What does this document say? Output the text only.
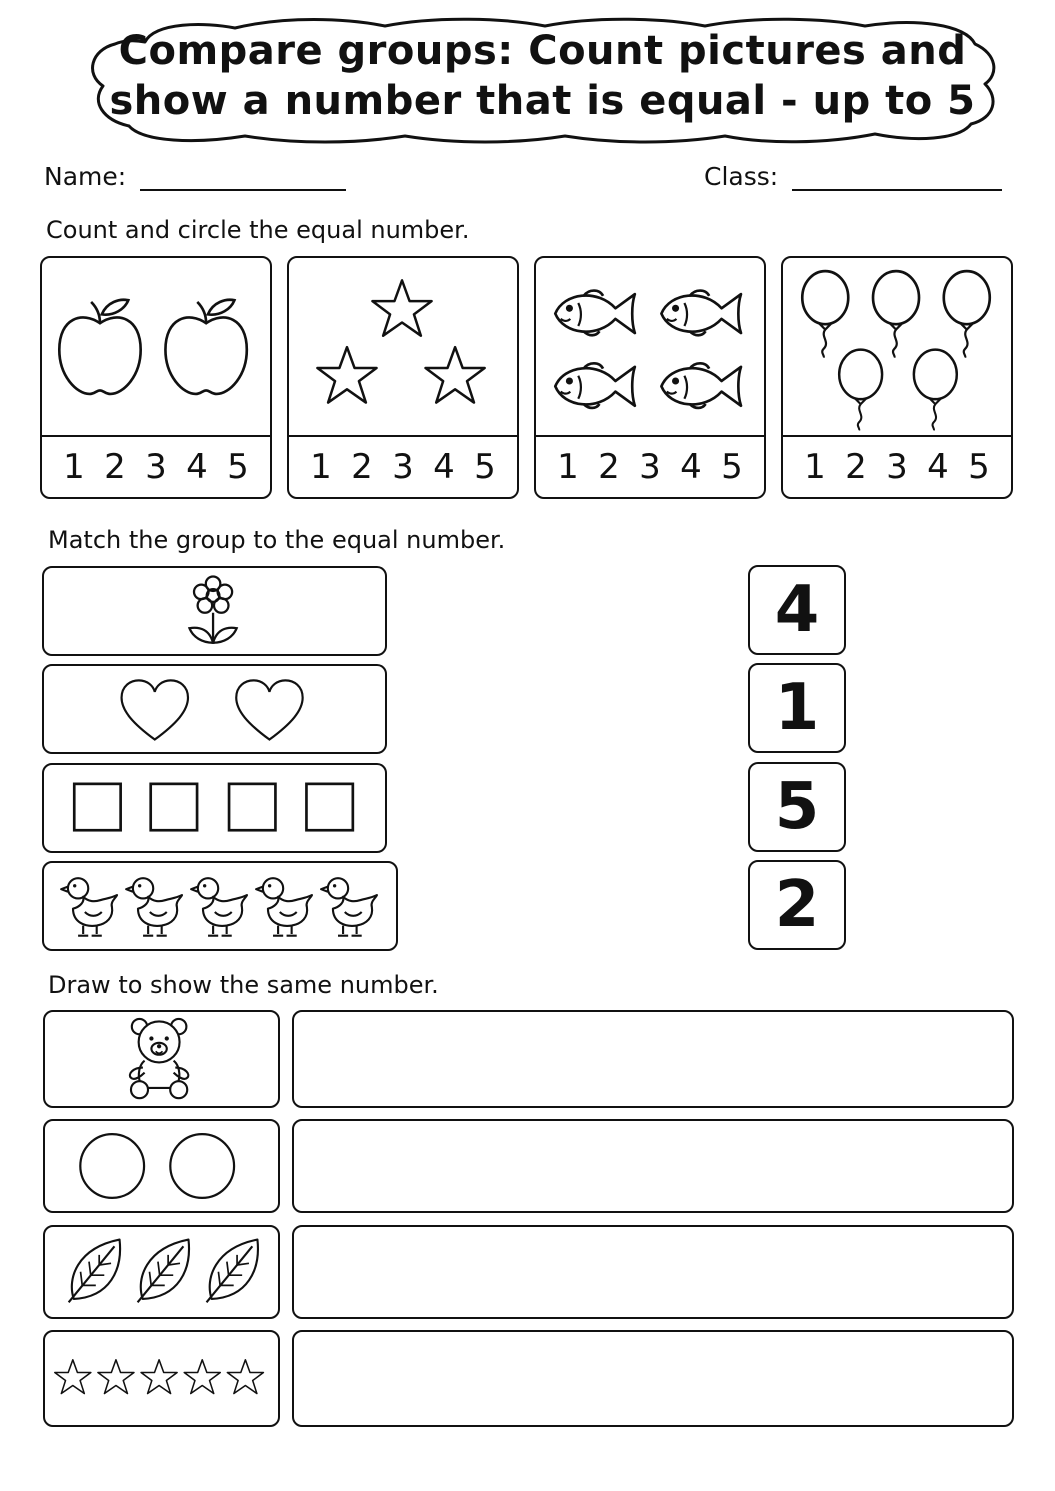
Compare groups: Count pictures and
show a number that is equal - up to 5
Name:	Class:
Count and circle the equal number.
1 2 3 4 5 1 2 3 4 5 1 2 3 4 5 1 2 3 4 5
Match the group to the equal number.
4
1
5
2
Draw to show the same number.
